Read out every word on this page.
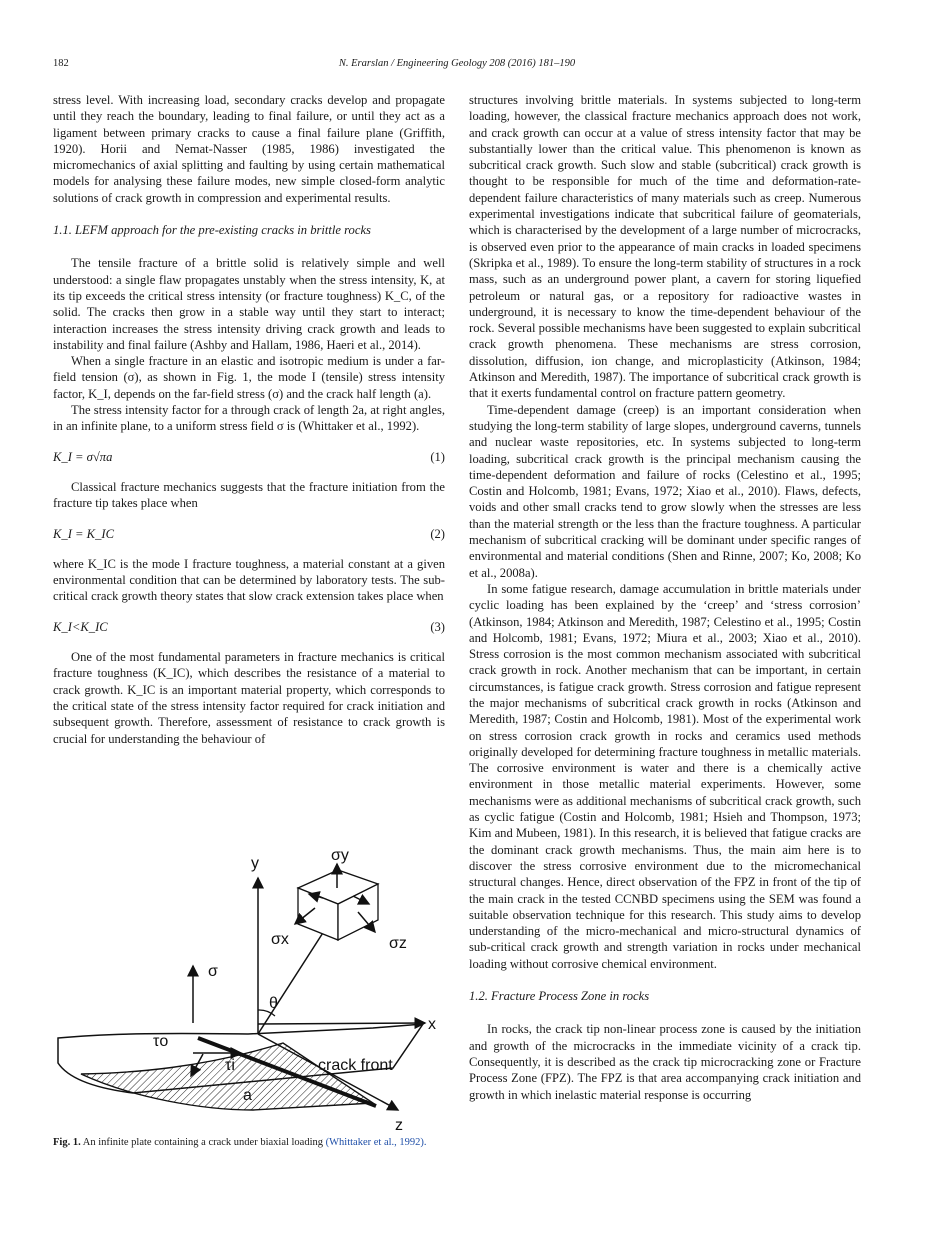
182	N. Erarslan / Engineering Geology 208 (2016) 181–190

stress level. With increasing load, secondary cracks develop and propagate until they reach the boundary, leading to final failure, or until they act as a ligament between primary cracks to cause a final failure plane (Griffith, 1920). Horii and Nemat-Nasser (1985, 1986) investigated the micromechanics of axial splitting and faulting by using certain mathematical models for analysing these failure modes, new simple closed-form analytic solutions of crack growth in compression and experimental results.

1.1. LEFM approach for the pre-existing cracks in brittle rocks

The tensile fracture of a brittle solid is relatively simple and well understood: a single flaw propagates unstably when the stress intensity, K, at its tip exceeds the critical stress intensity (or fracture toughness) K_C, of the solid. The cracks then grow in a stable way until they start to interact; interaction increases the stress intensity driving crack growth and leads to instability and final failure (Ashby and Hallam, 1986, Haeri et al., 2014).

When a single fracture in an elastic and isotropic medium is under a far-field tension (σ), as shown in Fig. 1, the mode I (tensile) stress intensity factor, K_I, depends on the far-field stress (σ) and the crack half length (a).

The stress intensity factor for a through crack of length 2a, at right angles, in an infinite plane, to a uniform stress field σ is (Whittaker et al., 1992).

K_I = σ√πa	(1)

Classical fracture mechanics suggests that the fracture initiation from the fracture tip takes place when

K_I = K_IC	(2)

where K_IC is the mode I fracture toughness, a material constant at a given environmental condition that can be determined by laboratory tests. The sub-critical crack growth theory states that slow crack extension takes place when

K_I<K_IC	(3)

One of the most fundamental parameters in fracture mechanics is critical fracture toughness (K_IC), which describes the resistance of a material to crack growth. K_IC is an important material property, which corresponds to the critical state of the stress intensity factor required for crack initiation and subsequent growth. Therefore, assessment of resistance to crack growth is crucial for understanding the behaviour of

y
x
z
θ
σy
σx	σz
σ
τo
τi	crack front
a
Fig. 1. An infinite plate containing a crack under biaxial loading (Whittaker et al., 1992).

structures involving brittle materials. In systems subjected to long-term loading, however, the classical fracture mechanics approach does not work, and crack growth can occur at a value of stress intensity factor that may be substantially lower than the critical value. This phenomenon is known as subcritical crack growth. Such slow and stable (subcritical) crack growth is thought to be responsible for much of the time and deformation-rate-dependent failure characteristics of many materials such as creep. Numerous experimental investigations indicate that subcritical failure of geomaterials, which is characterised by the development of a large number of microcracks, is observed even prior to the appearance of main cracks in loaded specimens (Skripka et al., 1989). To ensure the long-term stability of structures in a rock mass, such as an underground power plant, a cavern for storing liquefied petroleum or natural gas, or a repository for radioactive wastes in underground, it is necessary to know the time-dependent behaviour of the rock. Several possible mechanisms have been suggested to explain subcritical crack growth phenomena. These mechanisms are stress corrosion, dissolution, diffusion, ion change, and microplasticity (Atkinson, 1984; Atkinson and Meredith, 1987). The importance of subcritical crack growth is that it exerts fundamental control on fracture pattern geometry.

Time-dependent damage (creep) is an important consideration when studying the long-term stability of large slopes, underground caverns, tunnels and nuclear waste repositories, etc. In systems subjected to long-term loading, subcritical crack growth is the principal mechanism causing the time-dependent deformation and failure of rocks (Celestino et al., 1995; Costin and Holcomb, 1981; Evans, 1972; Xiao et al., 2010). Flaws, defects, voids and other small cracks tend to grow slowly when the stresses are less than the material strength or the less than the fracture toughness. A particular mechanism of subcritical cracking will be dominant under specific ranges of environmental and material conditions (Shen and Rinne, 2007; Ko, 2008; Ko et al., 2008a).

In some fatigue research, damage accumulation in brittle materials under cyclic loading has been explained by the ‘creep’ and ‘stress corrosion’ (Atkinson, 1984; Atkinson and Meredith, 1987; Celestino et al., 1995; Costin and Holcomb, 1981; Evans, 1972; Miura et al., 2003; Xiao et al., 2010). Stress corrosion is the most common mechanism associated with subcritical crack growth in rock. Another mechanism that can be important, in certain circumstances, is fatigue crack growth. Stress corrosion and fatigue represent the major mechanisms of subcritical crack growth in rocks (Atkinson and Meredith, 1987; Costin and Holcomb, 1981). Most of the experimental work on stress corrosion crack growth in rocks and ceramics used methods originally developed for determining fracture toughness in metallic materials. The corrosive environment is water and there is a chemically active environment in those metallic material experiments. However, some mechanisms were as additional mechanisms of subcritical crack growth, such as cyclic fatigue (Costin and Holcomb, 1981; Hsieh and Thompson, 1973; Kim and Mubeen, 1981). In this research, it is believed that fatigue cracks are the dominant crack growth mechanisms. Thus, the main aim here is to discover the stress corrosive environment due to the micromechanical structural changes. Hence, direct observation of the FPZ in front of the tip of the main crack in the tested CCNBD specimens using the SEM was found a suitable observation technique for this research. This study aims to develop understanding of the micro-mechanical and micro-structural dynamics of sub-critical crack growth and strength variation in rocks under mechanical loading without corrosive chemical environment.

1.2. Fracture Process Zone in rocks

In rocks, the crack tip non-linear process zone is caused by the initiation and growth of the microcracks in the immediate vicinity of a crack tip. Consequently, it is described as the crack tip microcracking zone or Fracture Process Zone (FPZ). The FPZ is that area accompanying crack initiation and growth in which inelastic material response is occurring
